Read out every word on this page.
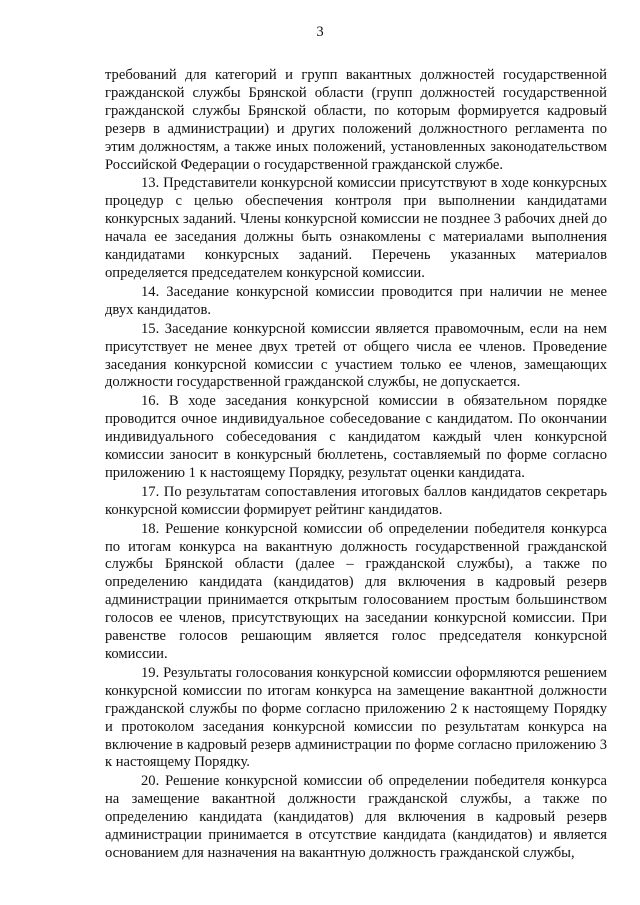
3

требований для категорий и групп вакантных должностей государственной гражданской службы Брянской области (групп должностей государственной гражданской службы Брянской области, по которым формируется кадровый резерв в администрации) и других положений должностного регламента по этим должностям, а также иных положений, установленных законодательством Российской Федерации о государственной гражданской службе.

13. Представители конкурсной комиссии присутствуют в ходе конкурсных процедур с целью обеспечения контроля при выполнении кандидатами конкурсных заданий. Члены конкурсной комиссии не позднее 3 рабочих дней до начала ее заседания должны быть ознакомлены с материалами выполнения кандидатами конкурсных заданий. Перечень указанных материалов определяется председателем конкурсной комиссии.

14. Заседание конкурсной комиссии проводится при наличии не менее двух кандидатов.

15. Заседание конкурсной комиссии является правомочным, если на нем присутствует не менее двух третей от общего числа ее членов. Проведение заседания конкурсной комиссии с участием только ее членов, замещающих должности государственной гражданской службы, не допускается.

16. В ходе заседания конкурсной комиссии в обязательном порядке проводится очное индивидуальное собеседование с кандидатом. По окончании индивидуального собеседования с кандидатом каждый член конкурсной комиссии заносит в конкурсный бюллетень, составляемый по форме согласно приложению 1 к настоящему Порядку, результат оценки кандидата.

17. По результатам сопоставления итоговых баллов кандидатов секретарь конкурсной комиссии формирует рейтинг кандидатов.

18. Решение конкурсной комиссии об определении победителя конкурса по итогам конкурса на вакантную должность государственной гражданской службы Брянской области (далее – гражданской службы), а также по определению кандидата (кандидатов) для включения в кадровый резерв администрации принимается открытым голосованием простым большинством голосов ее членов, присутствующих на заседании конкурсной комиссии. При равенстве голосов решающим является голос председателя конкурсной комиссии.

19. Результаты голосования конкурсной комиссии оформляются решением конкурсной комиссии по итогам конкурса на замещение вакантной должности гражданской службы по форме согласно приложению 2 к настоящему Порядку и протоколом заседания конкурсной комиссии по результатам конкурса на включение в кадровый резерв администрации по форме согласно приложению 3 к настоящему Порядку.

20. Решение конкурсной комиссии об определении победителя конкурса на замещение вакантной должности гражданской службы, а также по определению кандидата (кандидатов) для включения в кадровый резерв администрации принимается в отсутствие кандидата (кандидатов) и является основанием для назначения на вакантную должность гражданской службы,
